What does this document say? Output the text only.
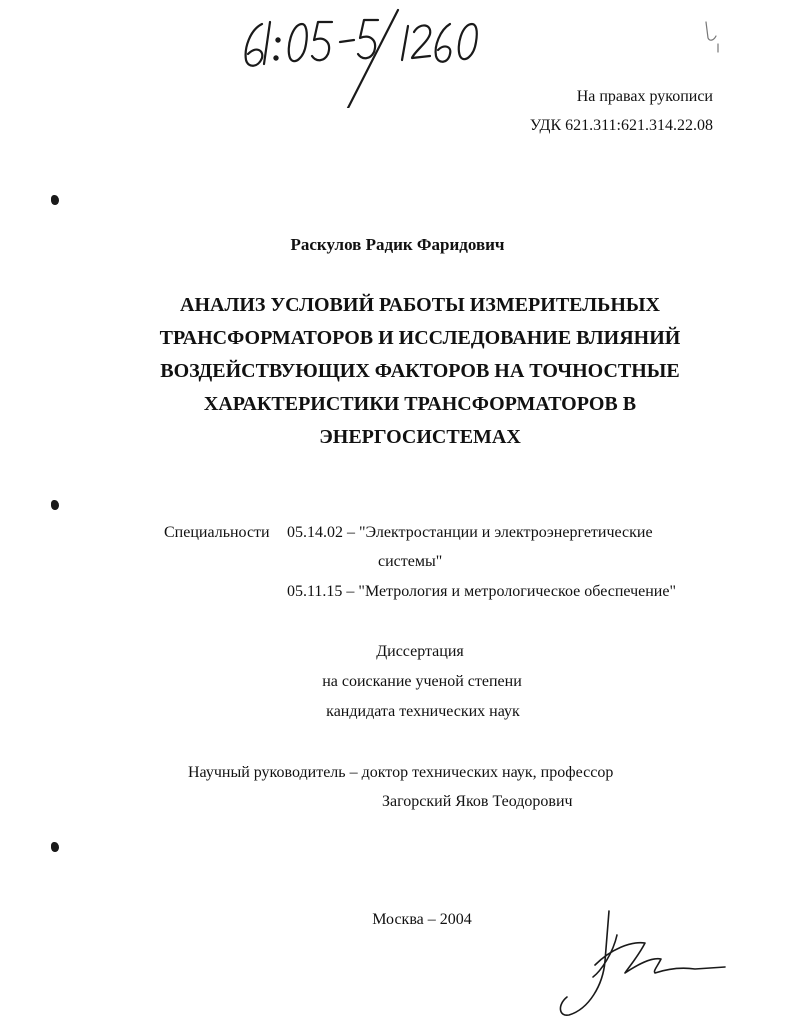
На правах рукописи
УДК 621.311:621.314.22.08
Раскулов Радик Фаридович
АНАЛИЗ УСЛОВИЙ РАБОТЫ ИЗМЕРИТЕЛЬНЫХ
ТРАНСФОРМАТОРОВ И ИССЛЕДОВАНИЕ ВЛИЯНИЙ
ВОЗДЕЙСТВУЮЩИХ ФАКТОРОВ НА ТОЧНОСТНЫЕ
ХАРАКТЕРИСТИКИ ТРАНСФОРМАТОРОВ В
ЭНЕРГОСИСТЕМАХ
Специальности 05.14.02 – "Электростанции и электроэнергетические
системы"
05.11.15 – "Метрология и метрологическое обеспечение"
Диссертация
на соискание ученой степени
кандидата технических наук
Научный руководитель – доктор технических наук, профессор
Загорский Яков Теодорович
Москва – 2004
